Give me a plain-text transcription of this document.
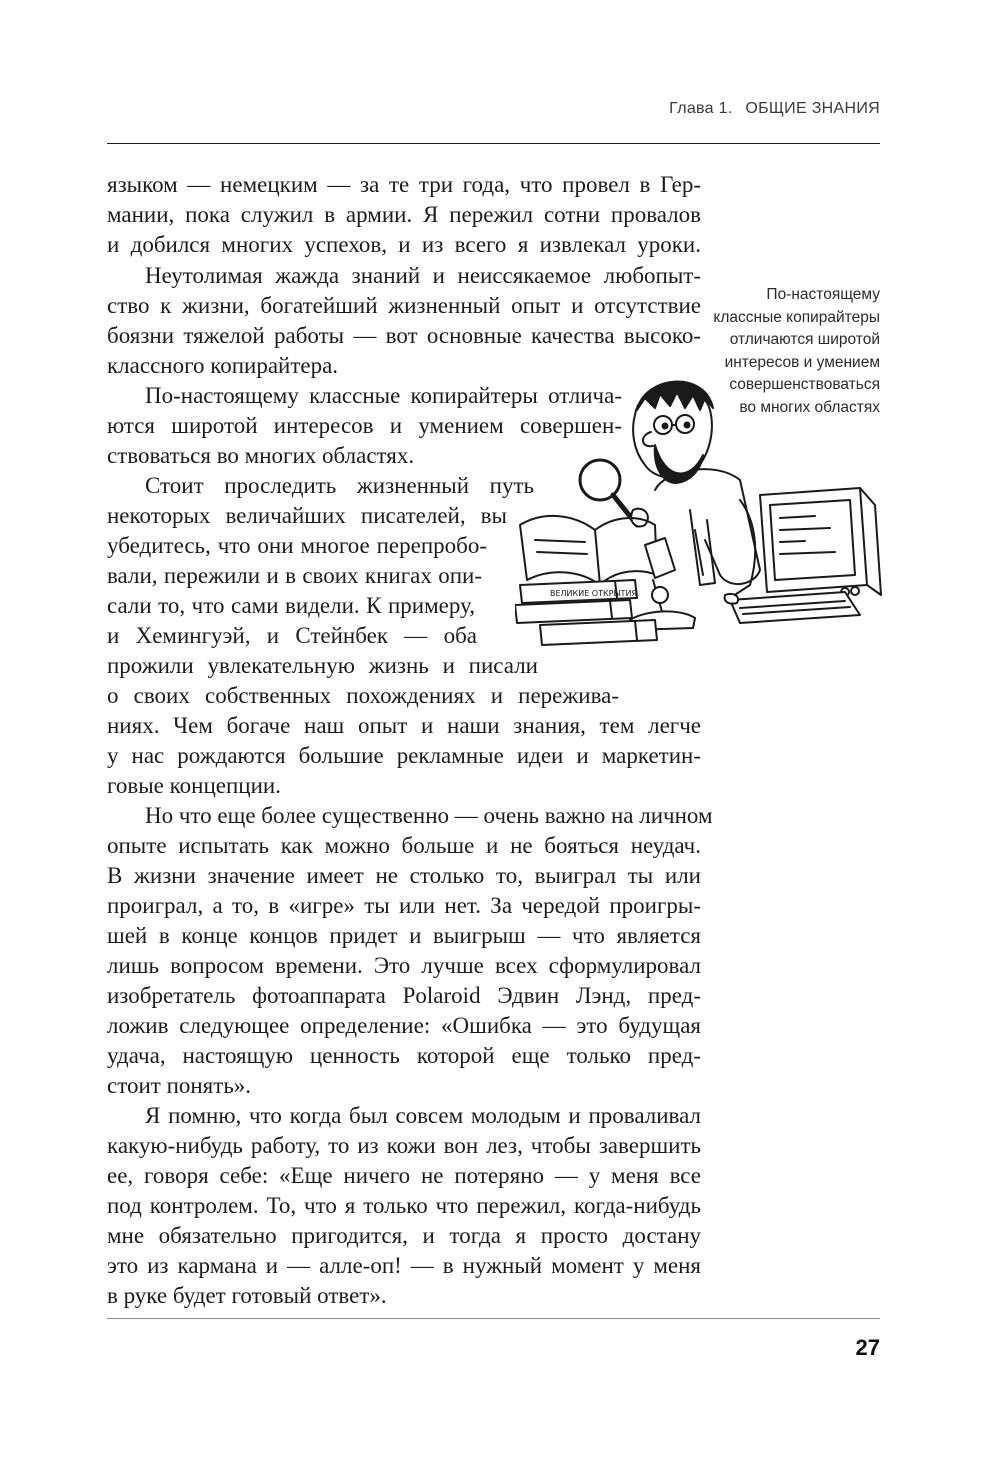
Глава 1. ОБЩИЕ ЗНАНИЯ
языком — немецким — за те три года, что провел в Гер-
мании, пока служил в армии. Я пережил сотни провалов
и добился многих успехов, и из всего я извлекал уроки.
Неутолимая жажда знаний и неиссякаемое любопыт-
ство к жизни, богатейший жизненный опыт и отсутствие
боязни тяжелой работы — вот основные качества высоко-
классного копирайтера.
По-настоящему классные копирайтеры отлича-
ются широтой интересов и умением совершен-
ствоваться во многих областях.
Стоит проследить жизненный путь
некоторых величайших писателей, вы
убедитесь, что они многое перепробо-
вали, пережили и в своих книгах опи-
сали то, что сами видели. К примеру,
и Хемингуэй, и Стейнбек — оба
прожили увлекательную жизнь и писали
о своих собственных похождениях и пережива-
ниях. Чем богаче наш опыт и наши знания, тем легче
у нас рождаются большие рекламные идеи и маркетин-
говые концепции.
Но что еще более существенно — очень важно на личном
опыте испытать как можно больше и не бояться неудач.
В жизни значение имеет не столько то, выиграл ты или
проиграл, а то, в «игре» ты или нет. За чередой проигры-
шей в конце концов придет и выигрыш — что является
лишь вопросом времени. Это лучше всех сформулировал
изобретатель фотоаппарата Polaroid Эдвин Лэнд, пред-
ложив следующее определение: «Ошибка — это будущая
удача, настоящую ценность которой еще только пред-
стоит понять».
Я помню, что когда был совсем молодым и проваливал
какую-нибудь работу, то из кожи вон лез, чтобы завершить
ее, говоря себе: «Еще ничего не потеряно — у меня все
под контролем. То, что я только что пережил, когда-нибудь
мне обязательно пригодится, и тогда я просто достану
это из кармана и — алле-оп! — в нужный момент у меня
в руке будет готовый ответ».
По-настоящему
классные копирайтеры
отличаются широтой
интересов и умением
совершенствоваться
во многих областях
ВЕЛИКИЕ ОТКРЫТИЯ
27
